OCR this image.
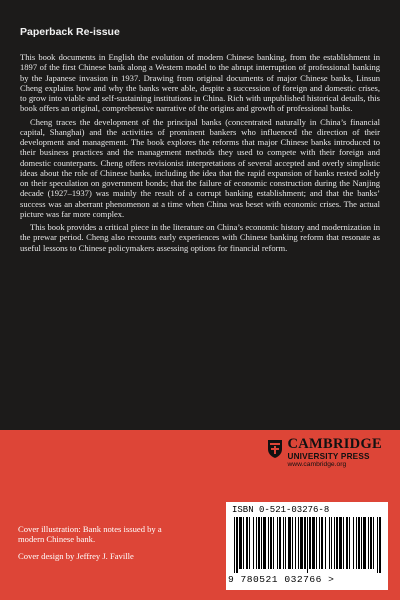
Paperback Re-issue

This book documents in English the evolution of modern Chinese banking, from the establishment in 1897 of the first Chinese bank along a Western model to the abrupt interruption of professional banking by the Japanese invasion in 1937. Drawing from original documents of major Chinese banks, Linsun Cheng explains how and why the banks were able, despite a succession of foreign and domestic crises, to grow into viable and self-sustaining institutions in China. Rich with unpublished historical details, this book offers an original, comprehensive narrative of the origins and growth of professional banks.

Cheng traces the development of the principal banks (concentrated naturally in China’s financial capital, Shanghai) and the activities of prominent bankers who influenced the direction of their development and management. The book explores the reforms that major Chinese banks introduced to their business practices and the management methods they used to compete with their foreign and domestic counterparts. Cheng offers revisionist interpretations of several accepted and overly simplistic ideas about the role of Chinese banks, including the idea that the rapid expansion of banks rested solely on their speculation on government bonds; that the failure of economic construction during the Nanjing decade (1927–1937) was mainly the result of a corrupt banking establishment; and that the banks’ success was an aberrant phenomenon at a time when China was beset with economic crises. The actual picture was far more complex.

This book provides a critical piece in the literature on China’s economic history and modernization in the prewar period. Cheng also recounts early experiences with Chinese banking reform that resonate as useful lessons to Chinese policymakers assessing options for financial reform.

CAMBRIDGE
UNIVERSITY PRESS
www.cambridge.org
Cover illustration: Bank notes issued by a modern Chinese bank.
Cover design by Jeffrey J. Faville
ISBN 0-521-03276-8
9 780521 032766 >
